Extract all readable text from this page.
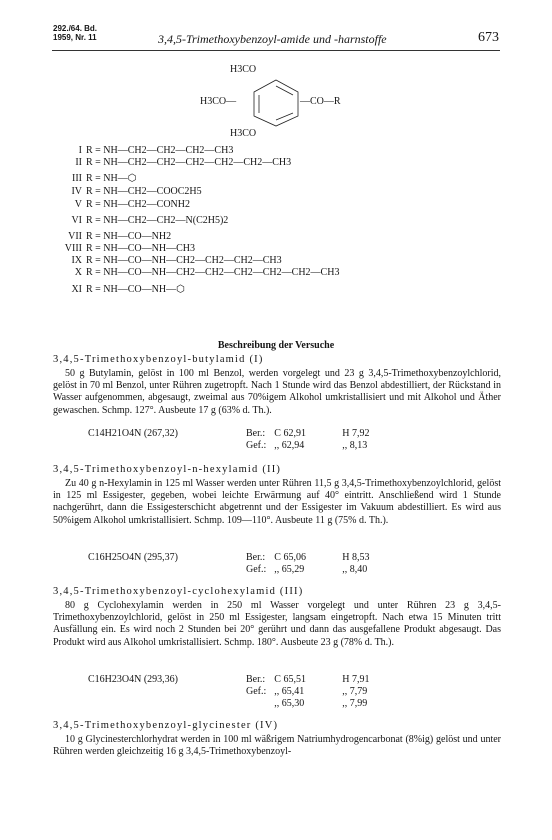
292./64. Bd.
1959, Nr. 11	3,4,5-Trimethoxybenzoyl-amide und -harnstoffe	673
H3CO
H3CO—	—CO—R
H3CO
I R = NH—CH2—CH2—CH2—CH3
II R = NH—CH2—CH2—CH2—CH2—CH2—CH3
III R = NH—⬡
IV R = NH—CH2—COOC2H5
V R = NH—CH2—CONH2
VI R = NH—CH2—CH2—N(C2H5)2
VII R = NH—CO—NH2
VIII R = NH—CO—NH—CH3
IX R = NH—CO—NH—CH2—CH2—CH2—CH3
X R = NH—CO—NH—CH2—CH2—CH2—CH2—CH2—CH3
XI R = NH—CO—NH—⬡
Beschreibung der Versuche
3,4,5-Trimethoxybenzoyl-butylamid (I)

50 g Butylamin, gelöst in 100 ml Benzol, werden vorgelegt und 23 g 3,4,5-Trimethoxybenzoylchlorid, gelöst in 70 ml Benzol, unter Rühren zugetropft. Nach 1 Stunde wird das Benzol abdestilliert, der Rückstand in Wasser aufgenommen, abgesaugt, zweimal aus 70%igem Alkohol umkristallisiert und mit Alkohol und Äther gewaschen. Schmp. 127°. Ausbeute 17 g (63% d. Th.).

C14H21O4N (267,32)	Ber.:	C 62,91	H 7,92
	Gef.:	,, 62,94	,, 8,13
3,4,5-Trimethoxybenzoyl-n-hexylamid (II)

Zu 40 g n-Hexylamin in 125 ml Wasser werden unter Rühren 11,5 g 3,4,5-Trimethoxybenzoylchlorid, gelöst in 125 ml Essigester, gegeben, wobei leichte Erwärmung auf 40° eintritt. Anschließend wird 1 Stunde nachgerührt, dann die Essigesterschicht abgetrennt und der Essigester im Vakuum abdestilliert. Es wird aus 50%igem Alkohol umkristallisiert. Schmp. 109—110°. Ausbeute 11 g (75% d. Th.).

C16H25O4N (295,37)	Ber.:	C 65,06	H 8,53
	Gef.:	,, 65,29	,, 8,40
3,4,5-Trimethoxybenzoyl-cyclohexylamid (III)

80 g Cyclohexylamin werden in 250 ml Wasser vorgelegt und unter Rühren 23 g 3,4,5-Trimethoxybenzoylchlorid, gelöst in 250 ml Essigester, langsam eingetropft. Nach etwa 15 Minuten tritt Ausfällung ein. Es wird noch 2 Stunden bei 20° gerührt und dann das ausgefallene Produkt abgesaugt. Das Produkt wird aus Alkohol umkristallisiert. Schmp. 180°. Ausbeute 23 g (78% d. Th.).

C16H23O4N (293,36)	Ber.:	C 65,51	H 7,91
	Gef.:	,, 65,41	,, 7,79
		,, 65,30	,, 7,99
3,4,5-Trimethoxybenzoyl-glycinester (IV)

10 g Glycinesterchlorhydrat werden in 100 ml wäßrigem Natriumhydrogencarbonat (8%ig) gelöst und unter Rühren werden gleichzeitig 16 g 3,4,5-Trimethoxybenzoyl-
